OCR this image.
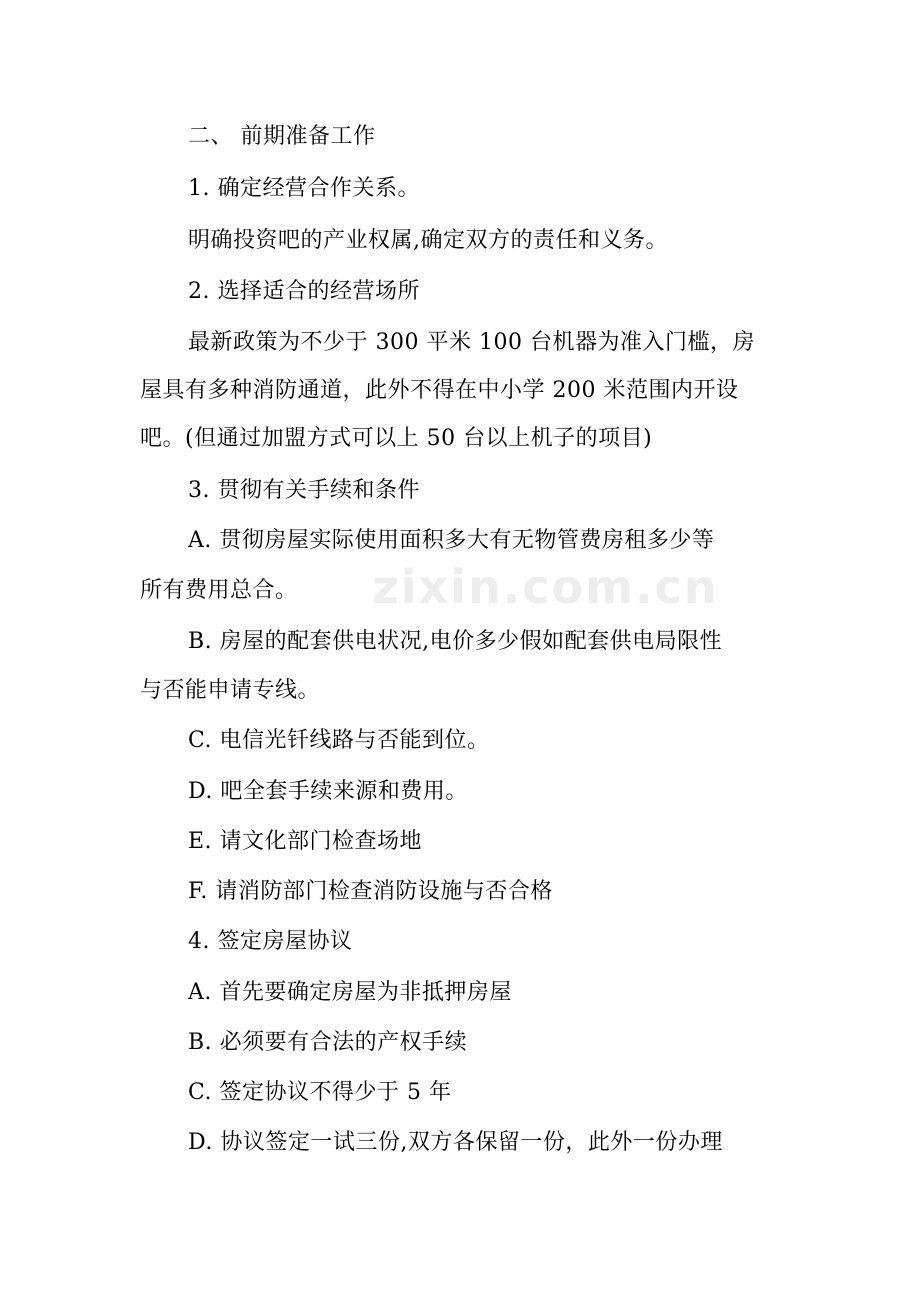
zixin.com.cn
二、 前期准备工作
1. 确定经营合作关系。
明确投资吧的产业权属,确定双方的责任和义务。
2. 选择适合的经营场所
最新政策为不少于 300 平米 100 台机器为准入门槛，房
屋具有多种消防通道，此外不得在中小学 200 米范围内开设
吧。(但通过加盟方式可以上 50 台以上机子的项目)
3. 贯彻有关手续和条件
A. 贯彻房屋实际使用面积多大有无物管费房租多少等
所有费用总合。
B. 房屋的配套供电状况,电价多少假如配套供电局限性
与否能申请专线。
C. 电信光钎线路与否能到位。
D. 吧全套手续来源和费用。
E. 请文化部门检查场地
F. 请消防部门检查消防设施与否合格
4. 签定房屋协议
A. 首先要确定房屋为非抵押房屋
B. 必须要有合法的产权手续
C. 签定协议不得少于 5 年
D. 协议签定一试三份,双方各保留一份，此外一份办理
